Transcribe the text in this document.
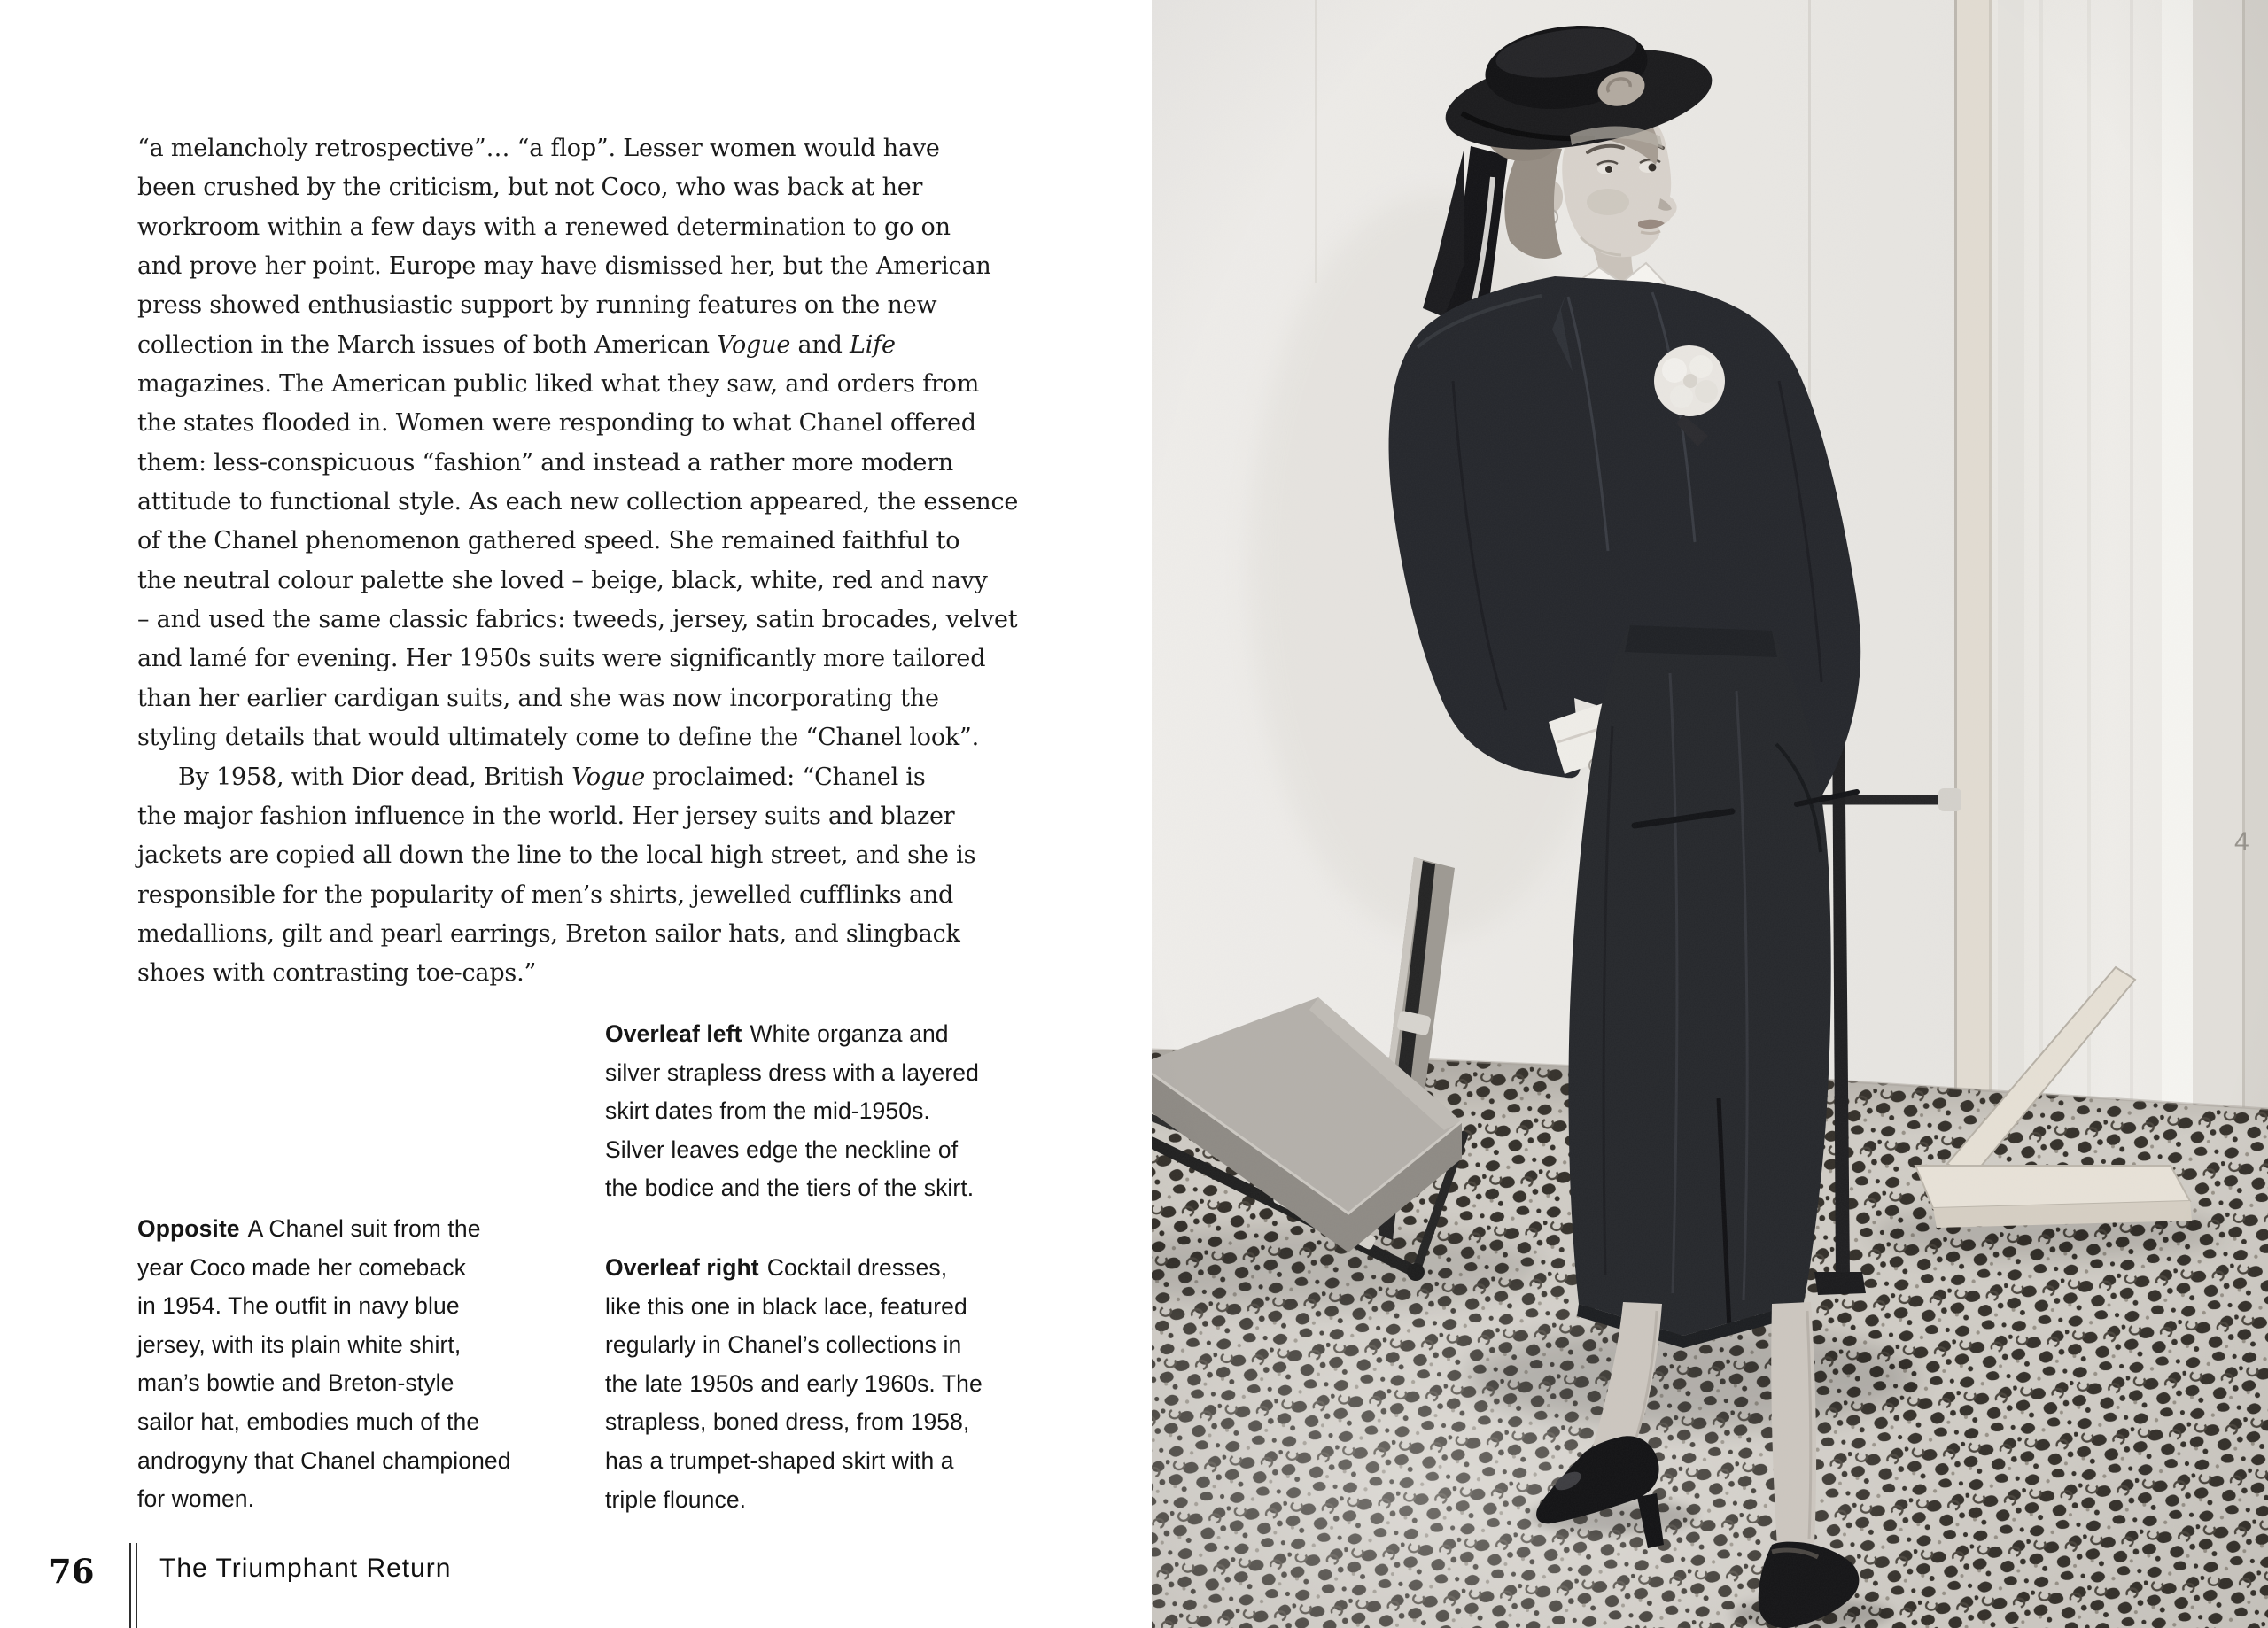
“a melancholy retrospective”… “a flop”. Lesser women would have
been crushed by the criticism, but not Coco, who was back at her
workroom within a few days with a renewed determination to go on
and prove her point. Europe may have dismissed her, but the American
press showed enthusiastic support by running features on the new
collection in the March issues of both American Vogue and Life
magazines. The American public liked what they saw, and orders from
the states flooded in. Women were responding to what Chanel offered
them: less-conspicuous “fashion” and instead a rather more modern
attitude to functional style. As each new collection appeared, the essence
of the Chanel phenomenon gathered speed. She remained faithful to
the neutral colour palette she loved – beige, black, white, red and navy
– and used the same classic fabrics: tweeds, jersey, satin brocades, velvet
and lamé for evening. Her 1950s suits were significantly more tailored
than her earlier cardigan suits, and she was now incorporating the
styling details that would ultimately come to define the “Chanel look”.
By 1958, with Dior dead, British Vogue proclaimed: “Chanel is
the major fashion influence in the world. Her jersey suits and blazer
jackets are copied all down the line to the local high street, and she is
responsible for the popularity of men’s shirts, jewelled cufflinks and
medallions, gilt and pearl earrings, Breton sailor hats, and slingback
shoes with contrasting toe-caps.”
Overleaf left White organza and
silver strapless dress with a layered
skirt dates from the mid-1950s.
Silver leaves edge the neckline of
the bodice and the tiers of the skirt.
Overleaf right Cocktail dresses,
like this one in black lace, featured
regularly in Chanel’s collections in
the late 1950s and early 1960s. The
strapless, boned dress, from 1958,
has a trumpet-shaped skirt with a
triple flounce.
Opposite A Chanel suit from the
year Coco made her comeback
in 1954. The outfit in navy blue
jersey, with its plain white shirt,
man’s bowtie and Breton-style
sailor hat, embodies much of the
androgyny that Chanel championed
for women.
76 The Triumphant Return
